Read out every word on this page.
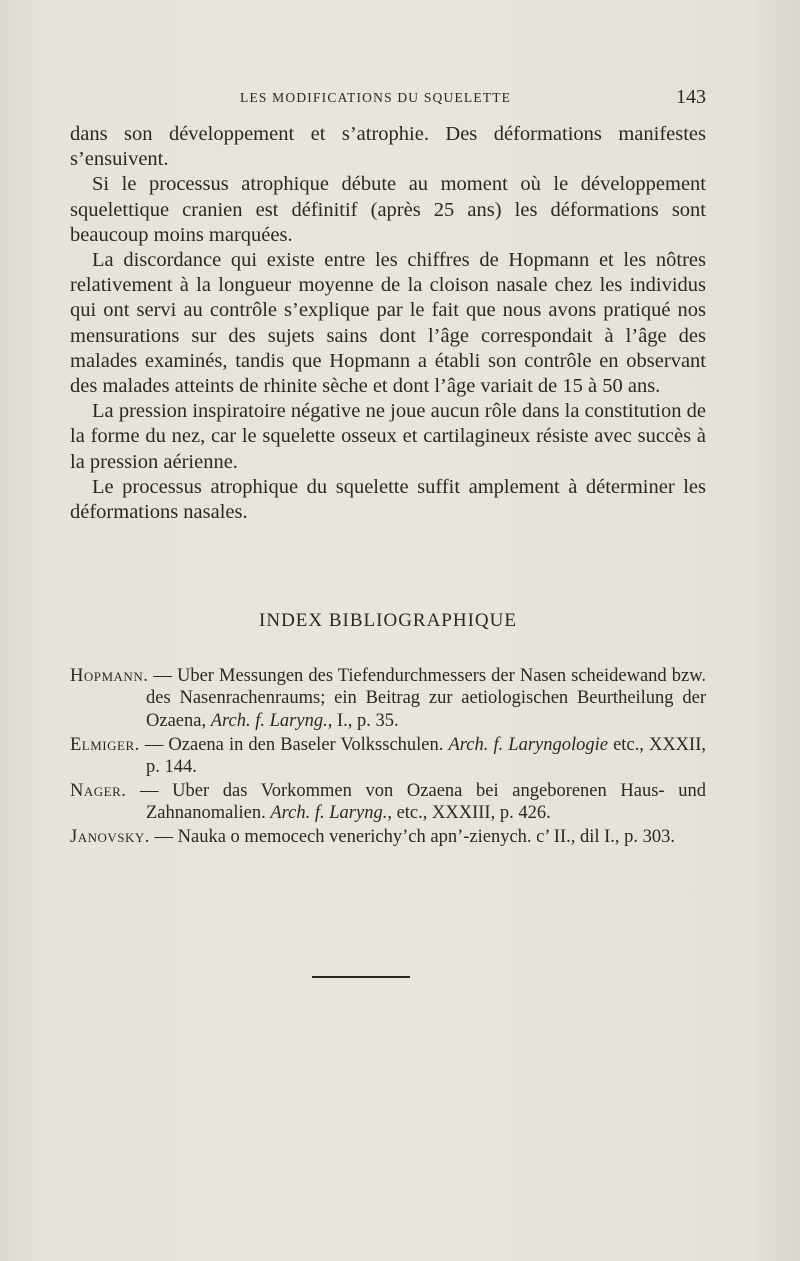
LES MODIFICATIONS DU SQUELETTE	143

dans son développement et s’atrophie. Des déformations manifestes s’ensuivent.

Si le processus atrophique débute au moment où le développement squelettique cranien est définitif (après 25 ans) les déformations sont beaucoup moins marquées.

La discordance qui existe entre les chiffres de Hopmann et les nôtres relativement à la longueur moyenne de la cloison nasale chez les individus qui ont servi au contrôle s’explique par le fait que nous avons pratiqué nos mensurations sur des sujets sains dont l’âge correspondait à l’âge des malades examinés, tandis que Hopmann a établi son contrôle en observant des malades atteints de rhinite sèche et dont l’âge variait de 15 à 50 ans.

La pression inspiratoire négative ne joue aucun rôle dans la constitution de la forme du nez, car le squelette osseux et cartilagineux résiste avec succès à la pression aérienne.

Le processus atrophique du squelette suffit amplement à déterminer les déformations nasales.

INDEX BIBLIOGRAPHIQUE

Hopmann. — Uber Messungen des Tiefendurchmessers der Nasen scheidewand bzw. des Nasenrachenraums; ein Beitrag zur aetiologischen Beurtheilung der Ozaena, Arch. f. Laryng., I., p. 35.

Elmiger. — Ozaena in den Baseler Volksschulen. Arch. f. Laryngologie etc., XXXII, p. 144.

Nager. — Uber das Vorkommen von Ozaena bei angeborenen Haus- und Zahnanomalien. Arch. f. Laryng., etc., XXXIII, p. 426.

Janovsky. — Nauka o memocech venerichy’ch apn’-zienych. c’ II., dil I., p. 303.
